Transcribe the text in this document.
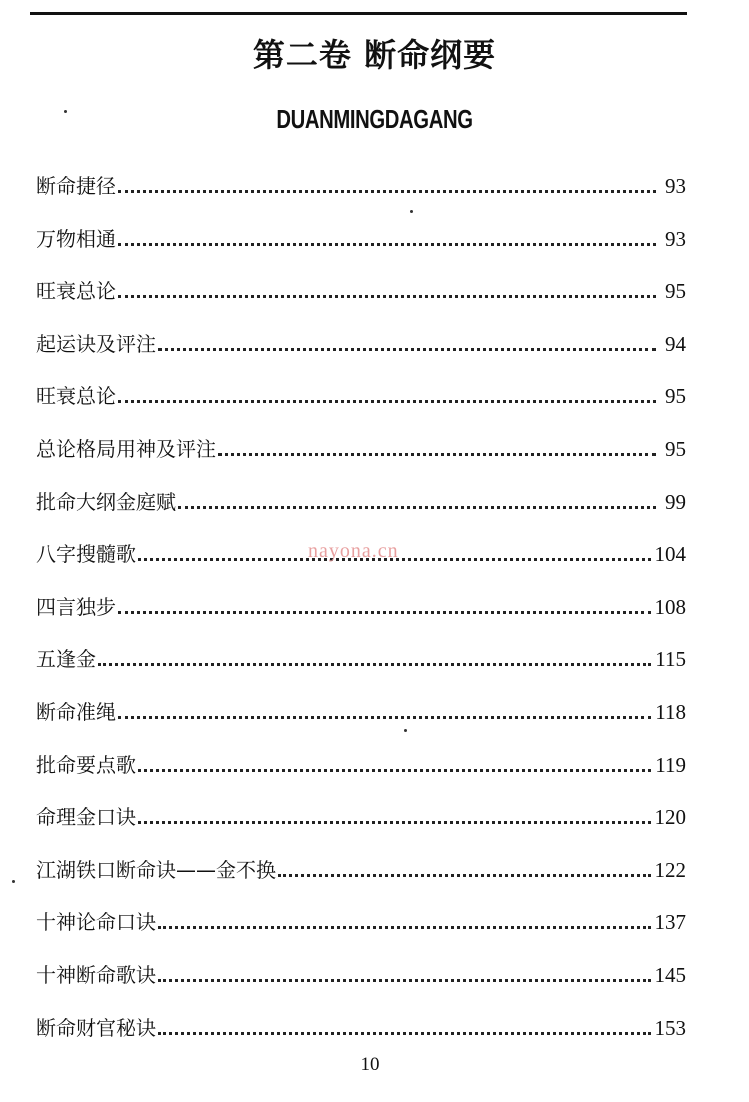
第二卷 断命纲要
DUANMINGDAGANG
断命捷径	93
万物相通	93
旺衰总论	95
起运诀及评注	94
旺衰总论	95
总论格局用神及评注	95
批命大纲金庭赋	99
八字搜髓歌	104
四言独步	108
五逢金	115
断命准绳	118
批命要点歌	119
命理金口诀	120
江湖铁口断命诀——金不换	122
十神论命口诀	137
十神断命歌诀	145
断命财官秘诀	153
nayona.cn
10
